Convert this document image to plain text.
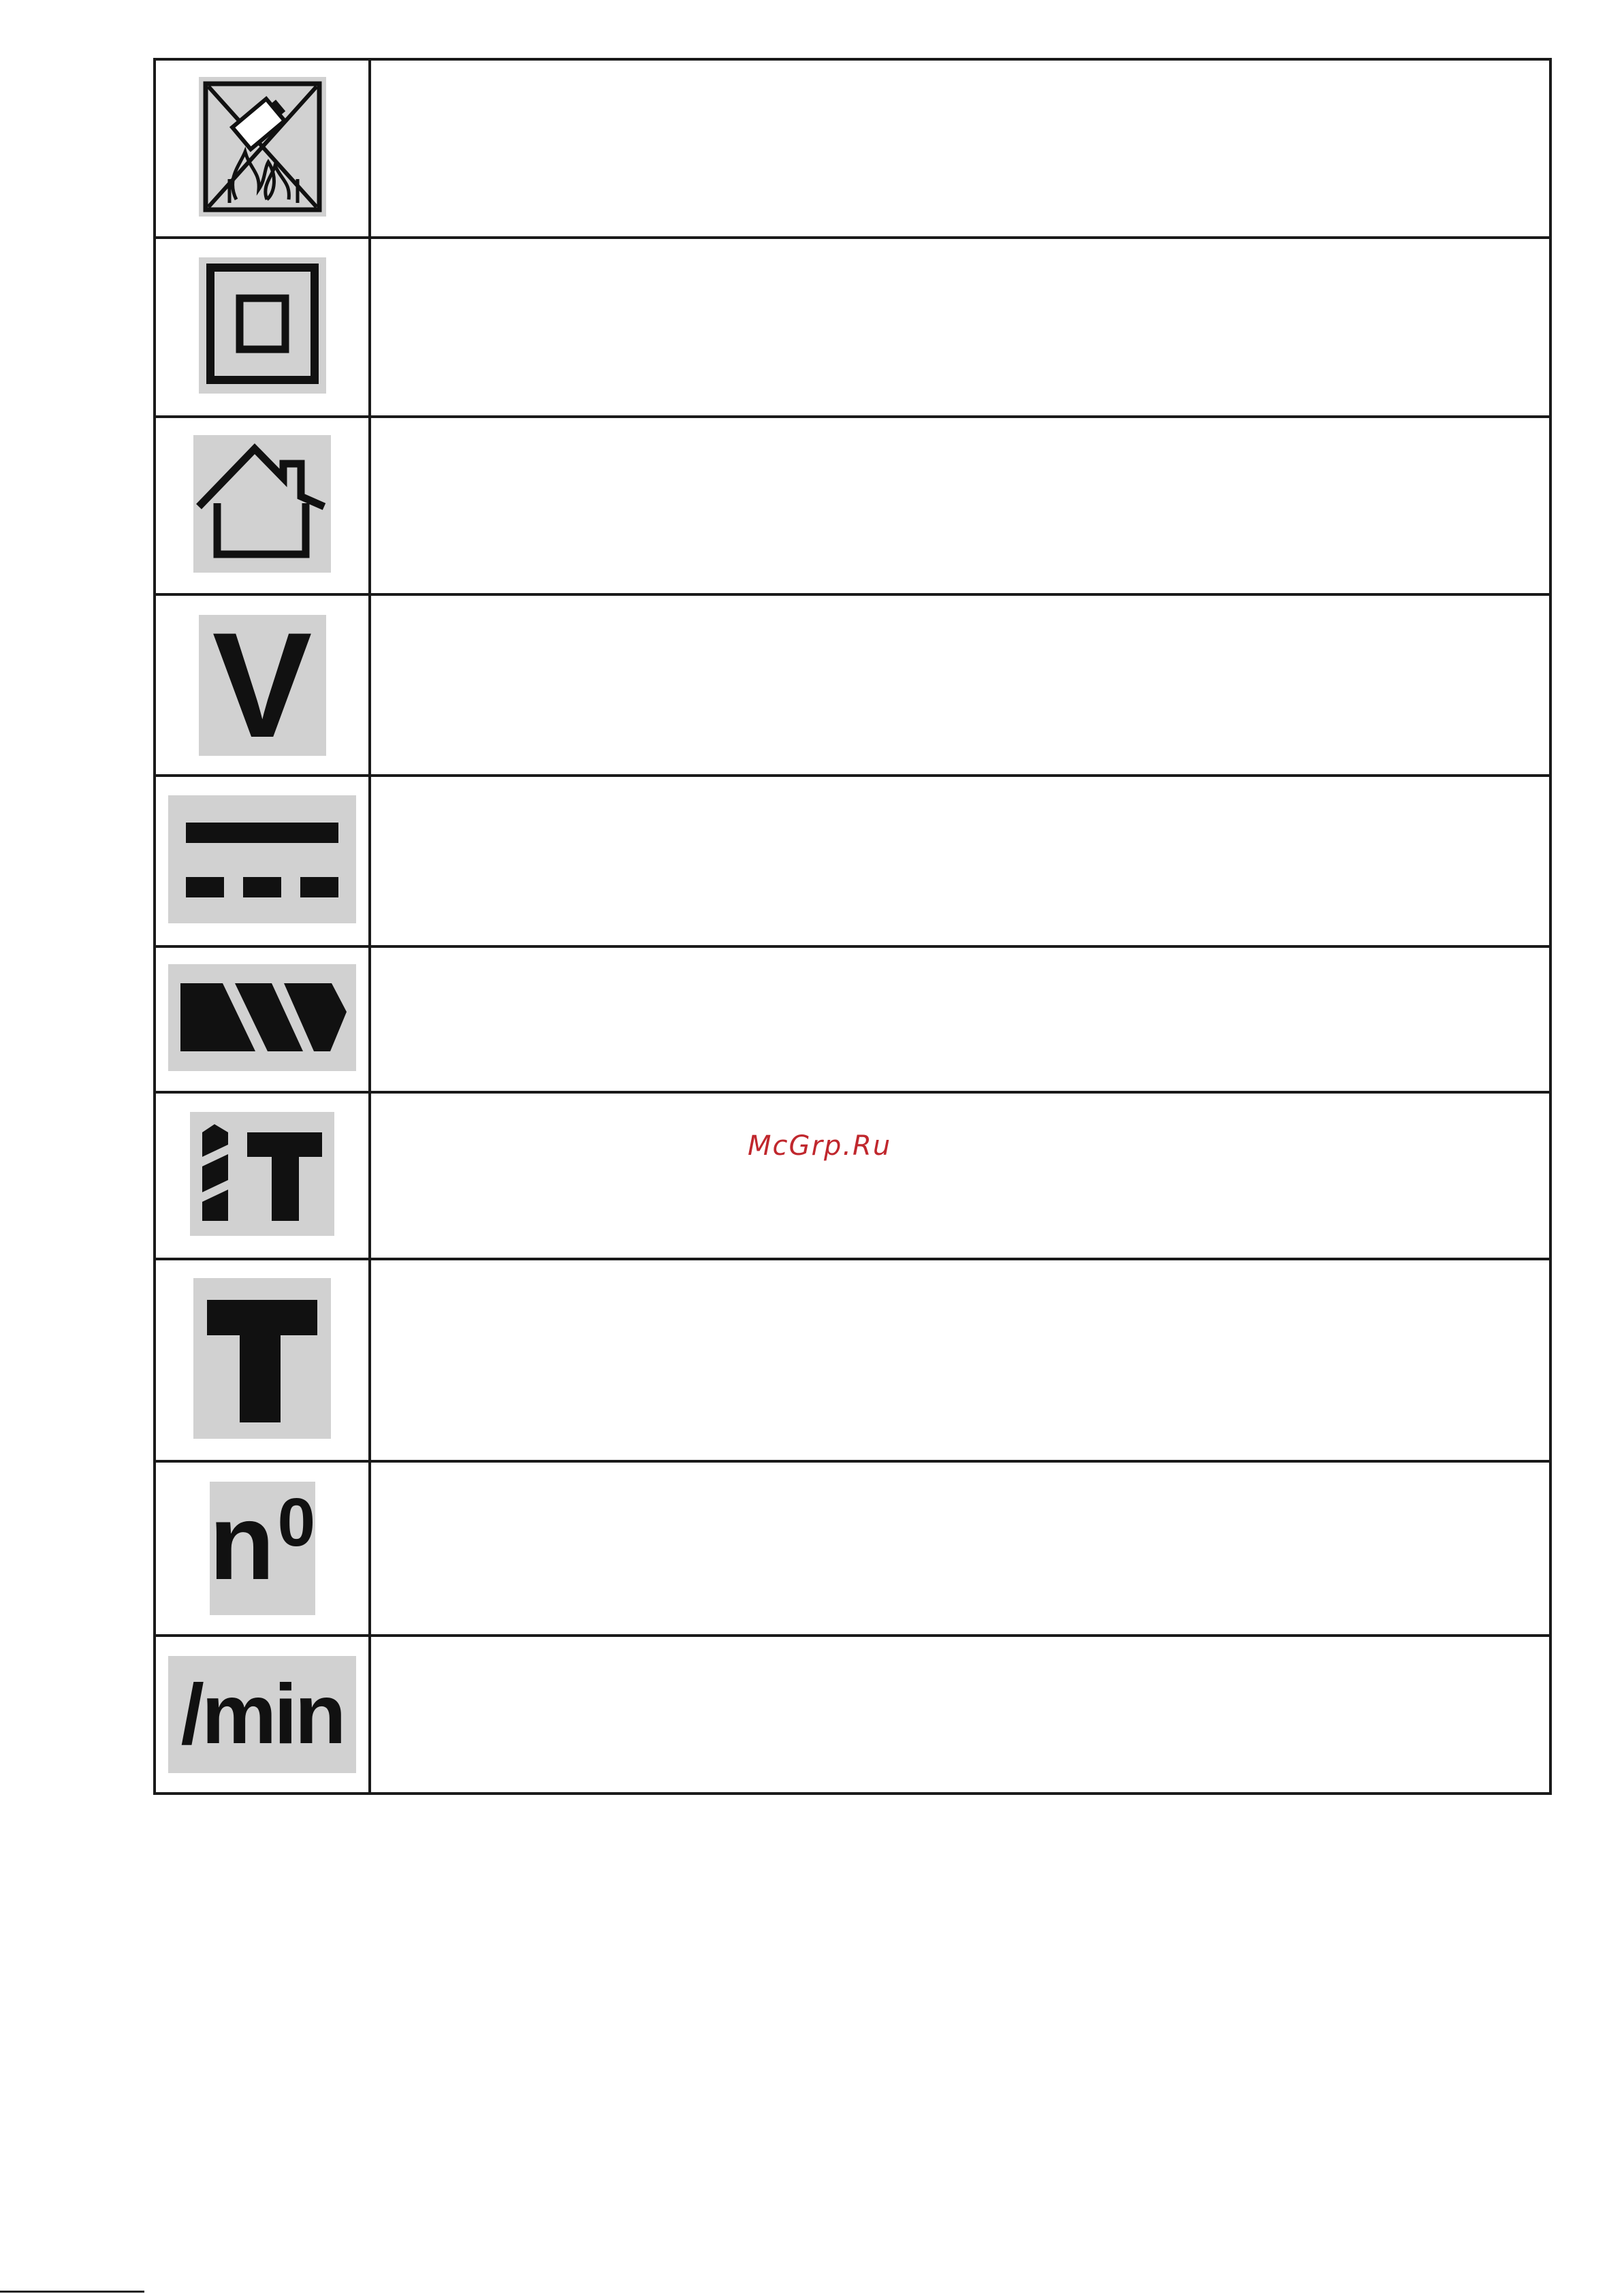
V	

n 0	

/min	

McGrp.Ru
